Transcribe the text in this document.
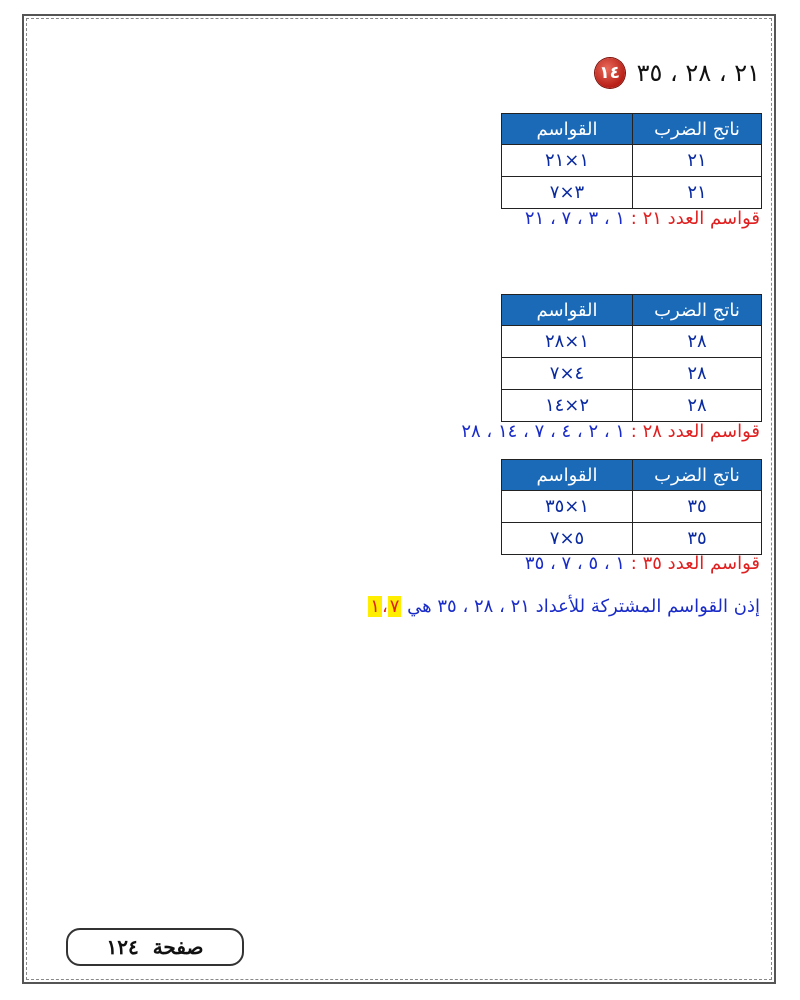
١٤ ٢١ ، ٢٨ ، ٣٥
ناتج الضرب	القواسم
٢١	١×٢١
٢١	٣×٧
قواسم العدد ٢١ : ١ ، ٣ ، ٧ ، ٢١
ناتج الضرب	القواسم
٢٨	١×٢٨
٢٨	٤×٧
٢٨	٢×١٤
قواسم العدد ٢٨ : ١ ، ٢ ، ٤ ، ٧ ، ١٤ ، ٢٨
ناتج الضرب	القواسم
٣٥	١×٣٥
٣٥	٥×٧
قواسم العدد ٣٥ : ١ ، ٥ ، ٧ ، ٣٥
إذن القواسم المشتركة للأعداد ٢١ ، ٢٨ ، ٣٥ هي ١ ، ٧
صفحة  ١٢٤
